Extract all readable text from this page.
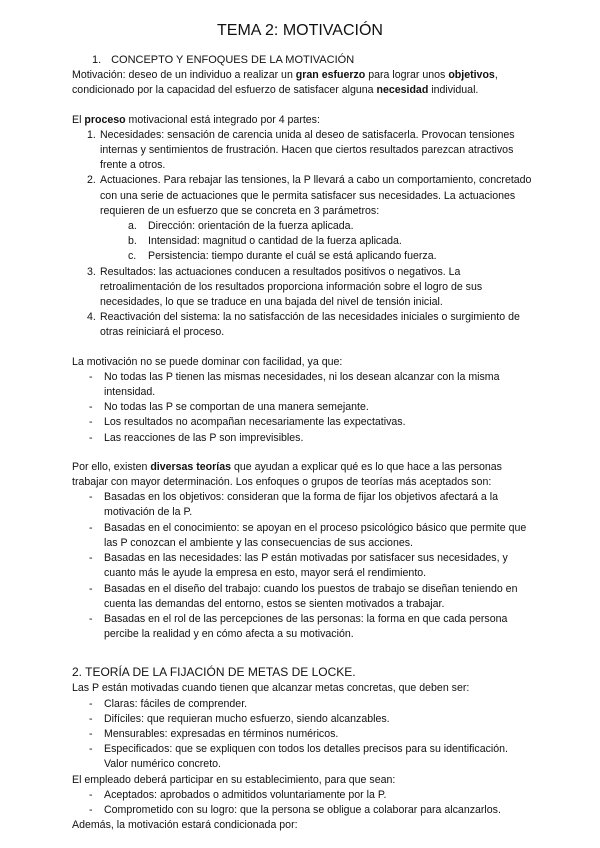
TEMA 2: MOTIVACIÓN

1. CONCEPTO Y ENFOQUES DE LA MOTIVACIÓN

Motivación: deseo de un individuo a realizar un gran esfuerzo para lograr unos objetivos, condicionado por la capacidad del esfuerzo de satisfacer alguna necesidad individual.

El proceso motivacional está integrado por 4 partes:

1. Necesidades: sensación de carencia unida al deseo de satisfacerla. Provocan tensiones internas y sentimientos de frustración. Hacen que ciertos resultados parezcan atractivos frente a otros.
2. Actuaciones. Para rebajar las tensiones, la P llevará a cabo un comportamiento, concretado con una serie de actuaciones que le permita satisfacer sus necesidades. La actuaciones requieren de un esfuerzo que se concreta en 3 parámetros:
a. Dirección: orientación de la fuerza aplicada.
b. Intensidad: magnitud o cantidad de la fuerza aplicada.
c. Persistencia: tiempo durante el cuál se está aplicando fuerza.
3. Resultados: las actuaciones conducen a resultados positivos o negativos. La retroalimentación de los resultados proporciona información sobre el logro de sus necesidades, lo que se traduce en una bajada del nivel de tensión inicial.
4. Reactivación del sistema: la no satisfacción de las necesidades iniciales o surgimiento de otras reiniciará el proceso.

La motivación no se puede dominar con facilidad, ya que:

- No todas las P tienen las mismas necesidades, ni los desean alcanzar con la misma intensidad.
- No todas las P se comportan de una manera semejante.
- Los resultados no acompañan necesariamente las expectativas.
- Las reacciones de las P son imprevisibles.

Por ello, existen diversas teorías que ayudan a explicar qué es lo que hace a las personas trabajar con mayor determinación. Los enfoques o grupos de teorías más aceptados son:

- Basadas en los objetivos: consideran que la forma de fijar los objetivos afectará a la motivación de la P.
- Basadas en el conocimiento: se apoyan en el proceso psicológico básico que permite que las P conozcan el ambiente y las consecuencias de sus acciones.
- Basadas en las necesidades: las P están motivadas por satisfacer sus necesidades, y cuanto más le ayude la empresa en esto, mayor será el rendimiento.
- Basadas en el diseño del trabajo: cuando los puestos de trabajo se diseñan teniendo en cuenta las demandas del entorno, estos se sienten motivados a trabajar.
- Basadas en el rol de las percepciones de las personas: la forma en que cada persona percibe la realidad y en cómo afecta a su motivación.

2. TEORÍA DE LA FIJACIÓN DE METAS DE LOCKE.

Las P están motivadas cuando tienen que alcanzar metas concretas, que deben ser:

- Claras: fáciles de comprender.
- Difíciles: que requieran mucho esfuerzo, siendo alcanzables.
- Mensurables: expresadas en términos numéricos.
- Especificados: que se expliquen con todos los detalles precisos para su identificación. Valor numérico concreto.

El empleado deberá participar en su establecimiento, para que sean:

- Aceptados: aprobados o admitidos voluntariamente por la P.
- Comprometido con su logro: que la persona se obligue a colaborar para alcanzarlos.

Además, la motivación estará condicionada por:
